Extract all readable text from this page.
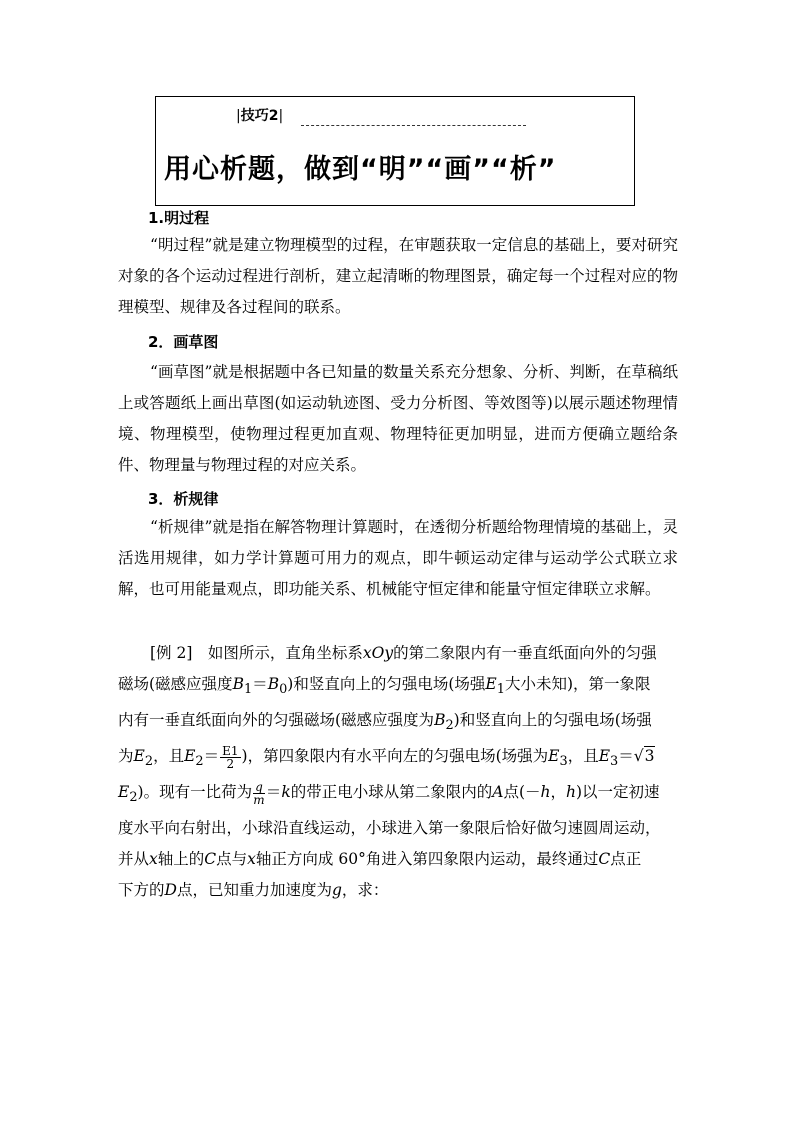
|技巧2|
用心析题，做到“明”“画”“析”
1.明过程

“明过程”就是建立物理模型的过程，在审题获取一定信息的基础上，要对研究对象的各个运动过程进行剖析，建立起清晰的物理图景，确定每一个过程对应的物理模型、规律及各过程间的联系。

2．画草图

“画草图”就是根据题中各已知量的数量关系充分想象、分析、判断，在草稿纸上或答题纸上画出草图(如运动轨迹图、受力分析图、等效图等)以展示题述物理情境、物理模型，使物理过程更加直观、物理特征更加明显，进而方便确立题给条件、物理量与物理过程的对应关系。

3．析规律

“析规律”就是指在解答物理计算题时，在透彻分析题给物理情境的基础上，灵活选用规律，如力学计算题可用力的观点，即牛顿运动定律与运动学公式联立求解，也可用能量观点，即功能关系、机械能守恒定律和能量守恒定律联立求解。

[例 2]　 如图所示，直角坐标系xOy的第二象限内有一垂直纸面向外的匀强
磁场(磁感应强度$B_1=B_0$)和竖直向上的匀强电场(场强$E_1$大小未知)，第一象限
内有一垂直纸面向外的匀强磁场(磁感应强度为$B_2$)和竖直向上的匀强电场(场强
为$E_2$，且$E_2= \frac{E1}{2}$ )，第四象限内有水平向左的匀强电场(场强为$E_3$，且$E_3=√3$
$E_2$)。现有一比荷为 $\frac{q}{m} =k$的带正电小球从第二象限内的A点(－h，h)以一定初速
度水平向右射出，小球沿直线运动，小球进入第一象限后恰好做匀速圆周运动，
并从x轴上的C点与x轴正方向成 60°角进入第四象限内运动，最终通过C点正
下方的D点，已知重力加速度为g，求：
